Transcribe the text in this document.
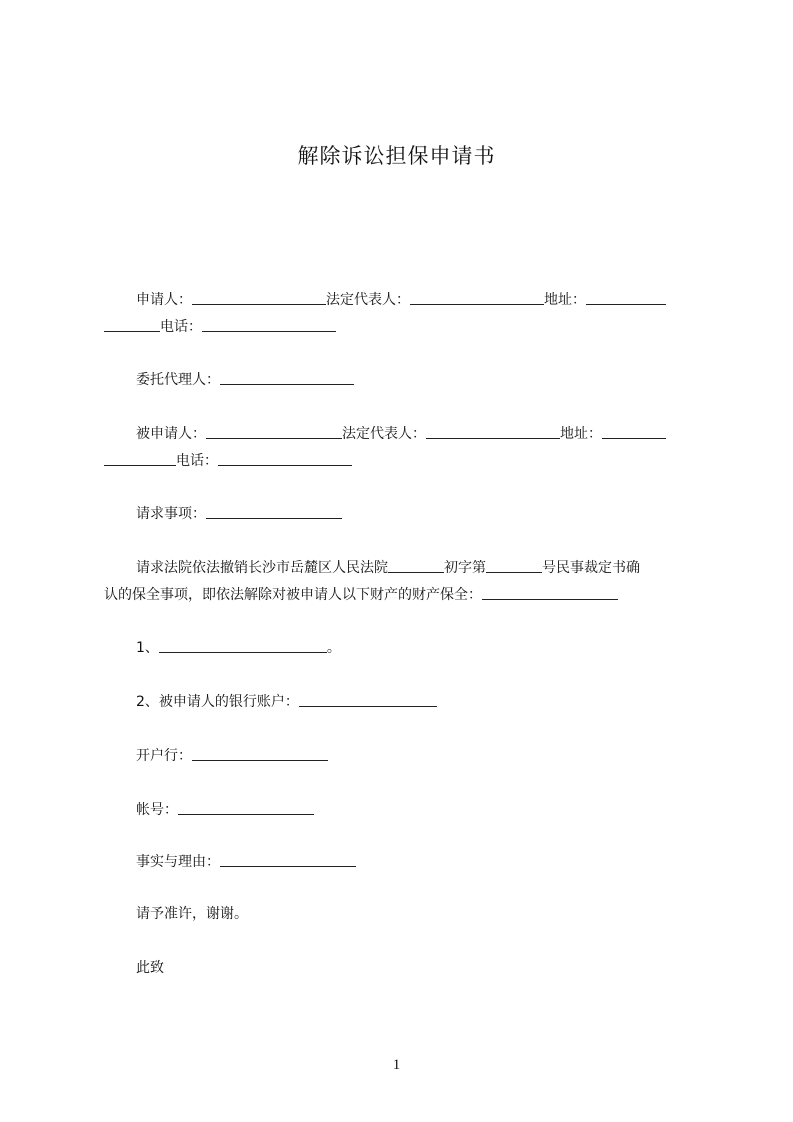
解除诉讼担保申请书
申请人：	法定代表人：	地址：
电话：
委托代理人：
被申请人：	法定代表人：	地址：
电话：
请求事项：
请求法院依法撤销长沙市岳麓区人民法院	初字第	号民事裁定书确
认的保全事项，即依法解除对被申请人以下财产的财产保全：
1、	。
2、被申请人的银行账户：
开户行：
帐号：
事实与理由：
请予准许，谢谢。
此致
1
